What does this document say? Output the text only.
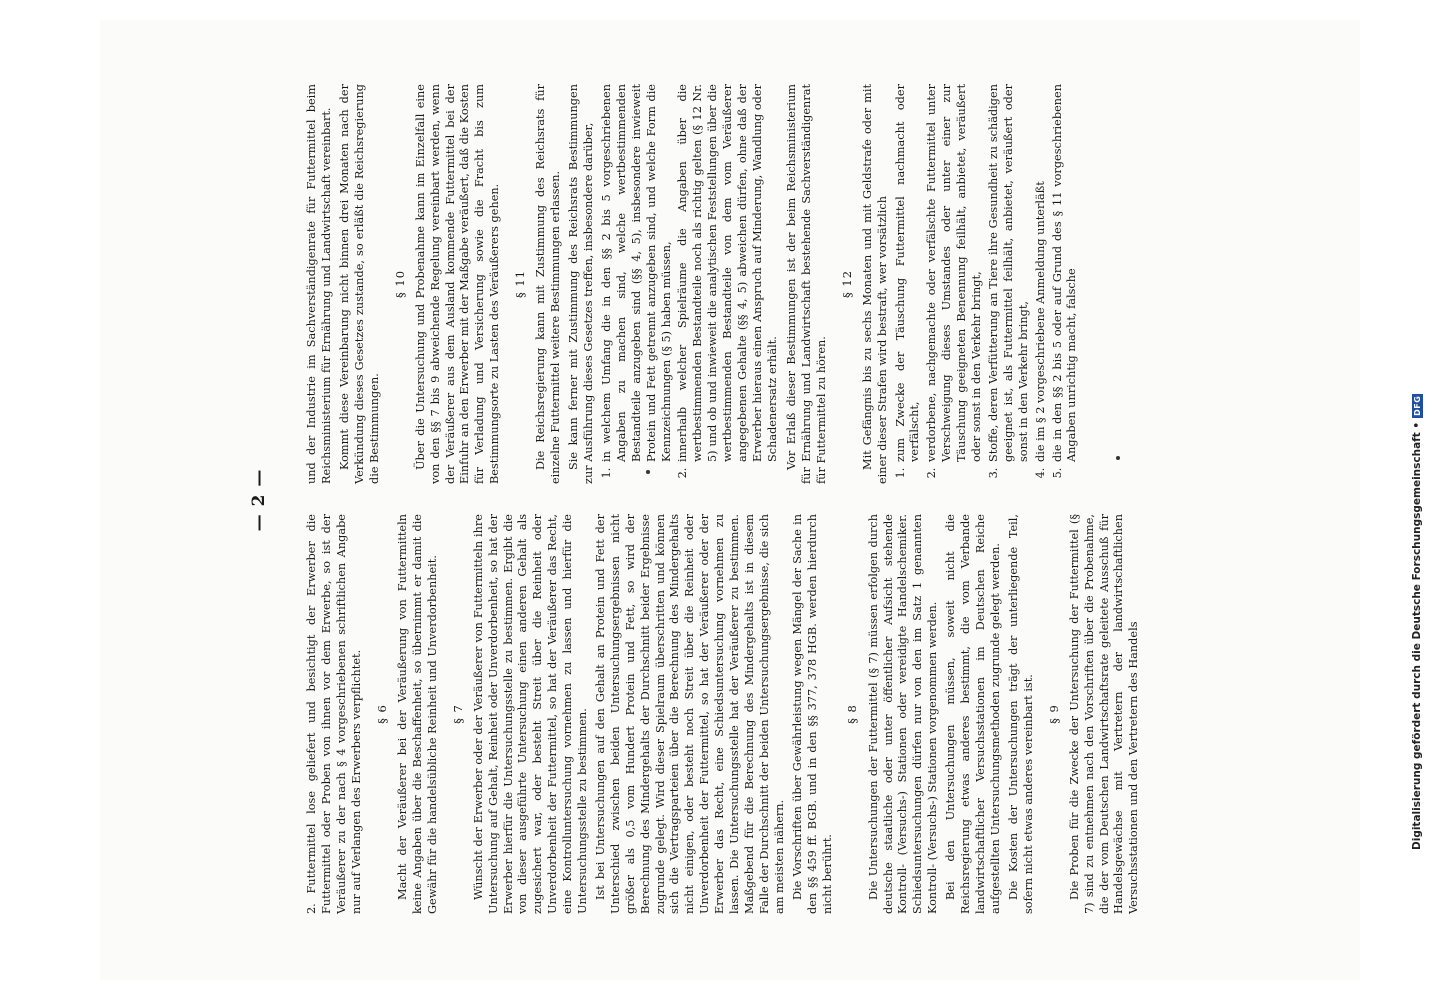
— 2 —

2. Futtermittel lose geliefert und besichtigt der Erwerber die Futtermittel oder Proben von ihnen vor dem Erwerbe, so ist der Veräußerer zu der nach § 4 vorgeschriebenen schriftlichen Angabe nur auf Verlangen des Erwerbers verpflichtet. § 6 Macht der Veräußerer bei der Veräußerung von Futtermitteln keine Angaben über die Beschaffenheit, so übernimmt er damit die Gewähr für die handelsübliche Reinheit und Unverdorbenheit. § 7 Wünscht der Erwerber oder der Veräußerer von Futtermitteln ihre Untersuchung auf Gehalt, Reinheit oder Unverdorbenheit, so hat der Erwerber hierfür die Untersuchungsstelle zu bestimmen. Ergibt die von dieser ausgeführte Untersuchung einen anderen Gehalt als zugesichert war, oder besteht Streit über die Reinheit oder Unverdorbenheit der Futtermittel, so hat der Veräußerer das Recht, eine Kontrolluntersuchung vornehmen zu lassen und hierfür die Untersuchungsstelle zu bestimmen. Ist bei Untersuchungen auf den Gehalt an Protein und Fett der Unterschied zwischen beiden Untersuchungsergebnissen nicht größer als 0,5 vom Hundert Protein und Fett, so wird der Berechnung des Mindergehalts der Durchschnitt beider Ergebnisse zugrunde gelegt. Wird dieser Spielraum überschritten und können sich die Vertragsparteien über die Berechnung des Mindergehalts nicht einigen, oder besteht noch Streit über die Reinheit oder Unverdorbenheit der Futtermittel, so hat der Veräußerer oder der Erwerber das Recht, eine Schiedsuntersuchung vornehmen zu lassen. Die Untersuchungsstelle hat der Veräußerer zu bestimmen. Maßgebend für die Berechnung des Mindergehalts ist in diesem Falle der Durchschnitt der beiden Untersuchungsergebnisse, die sich am meisten nähern. Die Vorschriften über Gewährleistung wegen Mängel der Sache in den §§ 459 ff. BGB. und in den §§ 377, 378 HGB. werden hierdurch nicht berührt.

§ 8 Die Untersuchungen der Futtermittel (§ 7) müssen erfolgen durch deutsche staatliche oder unter öffentlicher Aufsicht stehende Kontroll- (Versuchs-) Stationen oder vereidigte Handelschemiker. Schiedsuntersuchungen dürfen nur von den im Satz 1 genannten Kontroll- (Versuchs-) Stationen vorgenommen werden. Bei den Untersuchungen müssen, soweit nicht die Reichsregierung etwas anderes bestimmt, die vom Verbande landwirtschaftlicher Versuchsstationen im Deutschen Reiche aufgestellten Untersuchungsmethoden zugrunde gelegt werden. Die Kosten der Untersuchungen trägt der unterliegende Teil, sofern nicht etwas anderes vereinbart ist. § 9 Die Proben für die Zwecke der Untersuchung der Futtermittel (§ 7) sind zu entnehmen nach den Vorschriften über die Probenahme, die der vom Deutschen Landwirtschaftsrate geleitete Ausschuß für Handelsgewächse mit Vertretern der landwirtschaftlichen Versuchsstationen und den Vertretern des Handels

und der Industrie im Sachverständigenrate für Futtermittel beim Reichsministerium für Ernährung und Landwirtschaft vereinbart. Kommt diese Vereinbarung nicht binnen drei Monaten nach der Verkündung dieses Gesetzes zustande, so erläßt die Reichsregierung die Bestimmungen.

§ 10 Über die Untersuchung und Probenahme kann im Einzelfall eine von den §§ 7 bis 9 abweichende Regelung vereinbart werden, wenn der Veräußerer aus dem Ausland kommende Futtermittel bei der Einfuhr an den Erwerber mit der Maßgabe veräußert, daß die Kosten für Verladung und Versicherung sowie die Fracht bis zum Bestimmungsorte zu Lasten des Veräußerers gehen. § 11 Die Reichsregierung kann mit Zustimmung des Reichsrats für einzelne Futtermittel weitere Bestimmungen erlassen. Sie kann ferner mit Zustimmung des Reichsrats Bestimmungen zur Ausführung dieses Gesetzes treffen, insbesondere darüber, 1. in welchem Umfang die in den §§ 2 bis 5 vorgeschriebenen Angaben zu machen sind, welche wertbestimmenden Bestandteile anzugeben sind (§§ 4, 5), insbesondere inwieweit Protein und Fett getrennt anzugeben sind, und welche Form die Kennzeichnungen (§ 5) haben müssen, 2. innerhalb welcher Spielräume die Angaben über die wertbestimmenden Bestandteile noch als richtig gelten (§ 12 Nr. 5) und ob und inwieweit die analytischen Feststellungen über die wertbestimmenden Bestandteile von dem vom Veräußerer angegebenen Gehalte (§§ 4, 5) abweichen dürfen, ohne daß der Erwerber hieraus einen Anspruch auf Minderung, Wandlung oder Schadenersatz erhält. Vor Erlaß dieser Bestimmungen ist der beim Reichsministerium für Ernährung und Landwirtschaft bestehende Sachverständigenrat für Futtermittel zu hören.

§ 12 Mit Gefängnis bis zu sechs Monaten und mit Geldstrafe oder mit einer dieser Strafen wird bestraft, wer vorsätzlich 1. zum Zwecke der Täuschung Futtermittel nachmacht oder verfälscht, 2. verdorbene, nachgemachte oder verfälschte Futtermittel unter Verschweigung dieses Umstandes oder unter einer zur Täuschung geeigneten Benennung feilhält, anbietet, veräußert oder sonst in den Verkehr bringt, 3. Stoffe, deren Verfütterung an Tiere ihre Gesundheit zu schädigen geeignet ist, als Futtermittel feilhält, anbietet, veräußert oder sonst in den Verkehr bringt, 4. die im § 2 vorgeschriebene Anmeldung unterläßt 5. die in den §§ 2 bis 5 oder auf Grund des § 11 vorgeschriebenen Angaben unrichtig macht, falsche
Digitalisierung gefördert durch die Deutsche Forschungsgemeinschaft •
DFG
